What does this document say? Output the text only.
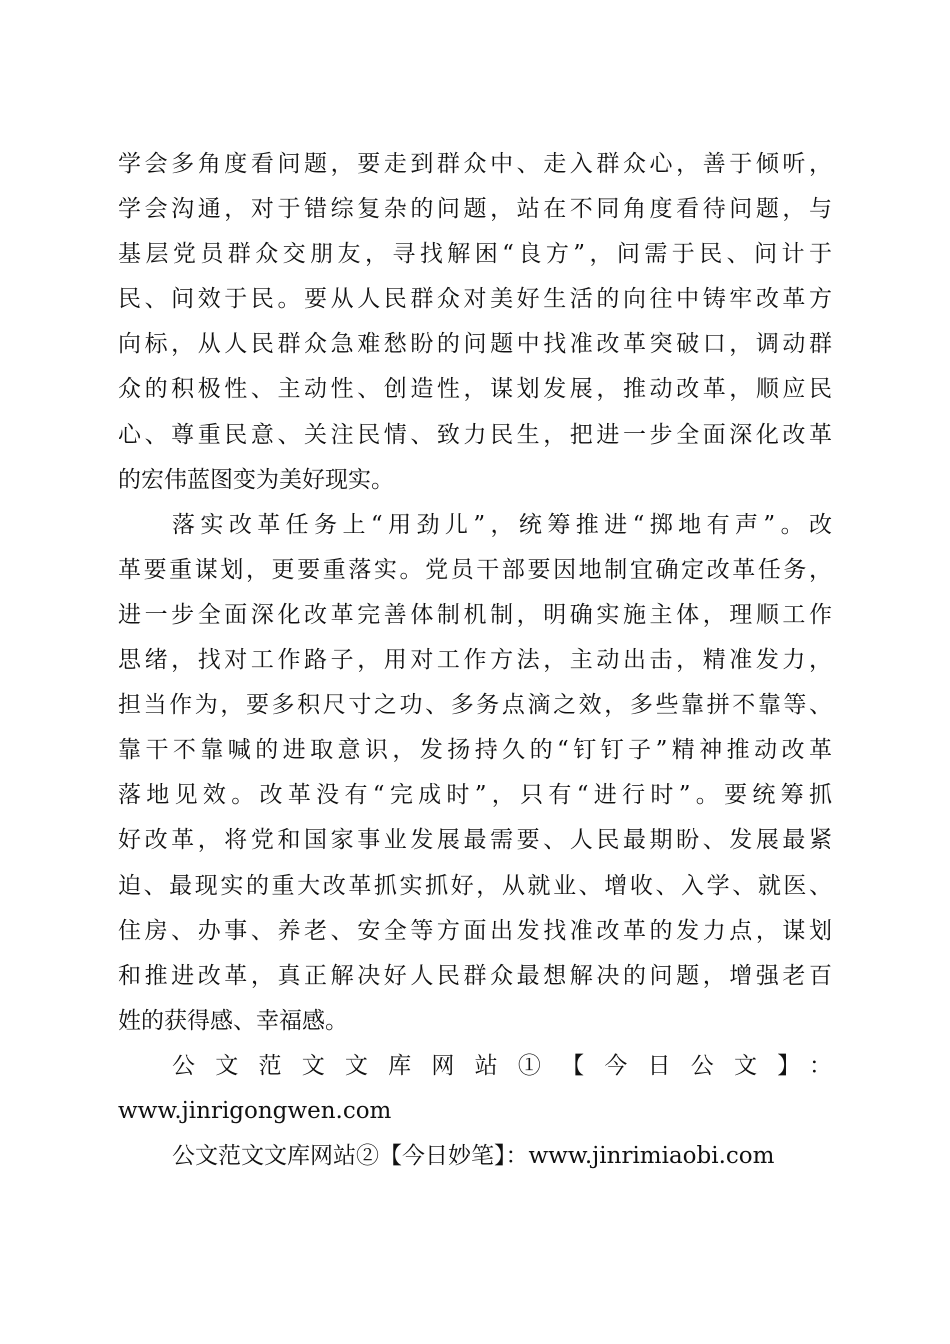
学会多角度看问题，要走到群众中、走入群众心，善于倾听，
学会沟通，对于错综复杂的问题，站在不同角度看待问题，与
基层党员群众交朋友，寻找解困“良方”，问需于民、问计于
民、问效于民。要从人民群众对美好生活的向往中铸牢改革方
向标，从人民群众急难愁盼的问题中找准改革突破口，调动群
众的积极性、主动性、创造性，谋划发展，推动改革，顺应民
心、尊重民意、关注民情、致力民生，把进一步全面深化改革
的宏伟蓝图变为美好现实。
落实改革任务上“用劲儿”，统筹推进“掷地有声”。改
革要重谋划，更要重落实。党员干部要因地制宜确定改革任务，
进一步全面深化改革完善体制机制，明确实施主体，理顺工作
思绪，找对工作路子，用对工作方法，主动出击，精准发力，
担当作为，要多积尺寸之功、多务点滴之效，多些靠拼不靠等、
靠干不靠喊的进取意识，发扬持久的“钉钉子”精神推动改革
落地见效。改革没有“完成时”，只有“进行时”。要统筹抓
好改革，将党和国家事业发展最需要、人民最期盼、发展最紧
迫、最现实的重大改革抓实抓好，从就业、增收、入学、就医、
住房、办事、养老、安全等方面出发找准改革的发力点，谋划
和推进改革，真正解决好人民群众最想解决的问题，增强老百
姓的获得感、幸福感。
公文范文文库网站①【今日公文】：
www.jinrigongwen.com
公文范文文库网站②【今日妙笔】：www.jinrimiaobi.com
